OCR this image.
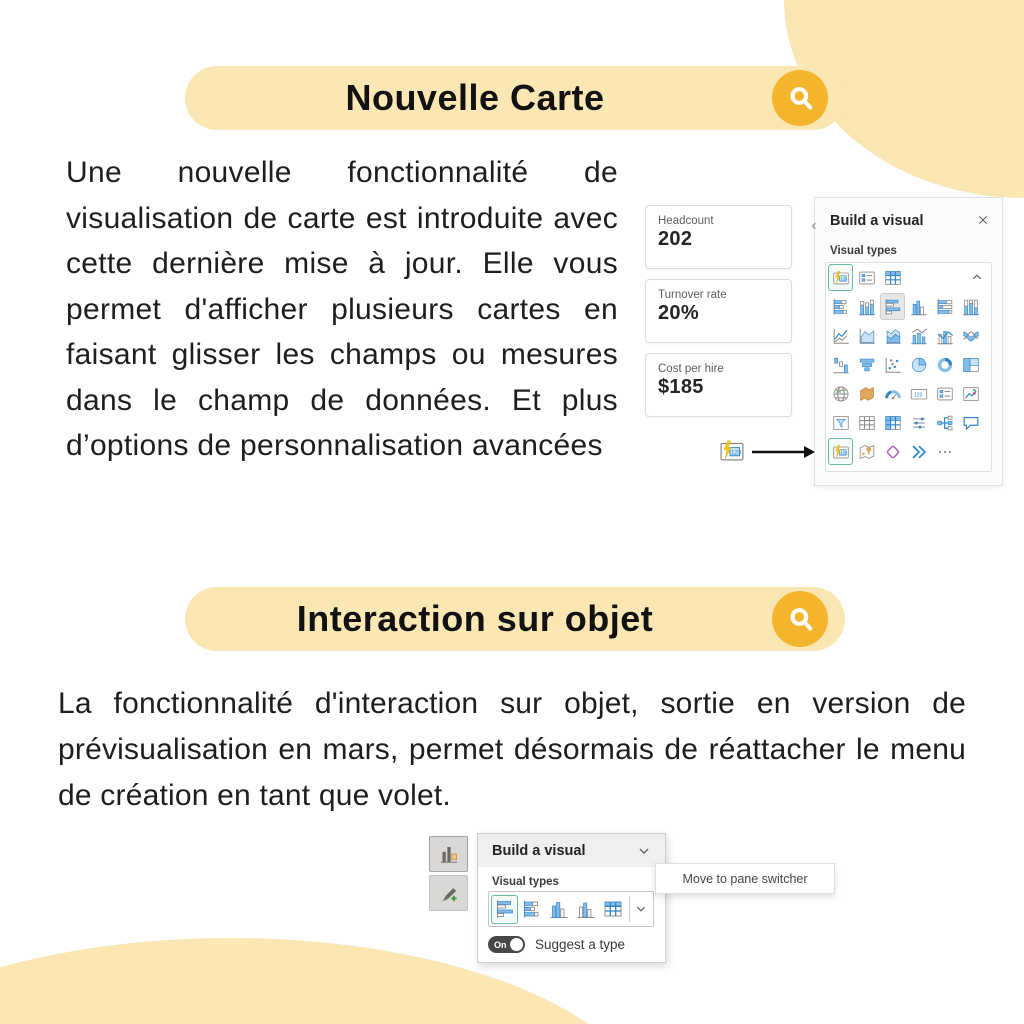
Nouvelle Carte

Une nouvelle fonctionnalité de visualisation de carte est introduite avec cette dernière mise à jour. Elle vous permet d'afficher plusieurs cartes en faisant glisser les champs ou mesures dans le champ de données. Et plus d’options de personnalisation avancées

Headcount
202
Turnover rate
20%
Cost per hire
$185
Build a visual
Visual types
123
123
123
123
Interaction sur objet

La fonctionnalité d'interaction sur objet, sortie en version de prévisualisation en mars, permet désormais de réattacher le menu de création en tant que volet.

Build a visual
Visual types
On Suggest a type
Move to pane switcher
